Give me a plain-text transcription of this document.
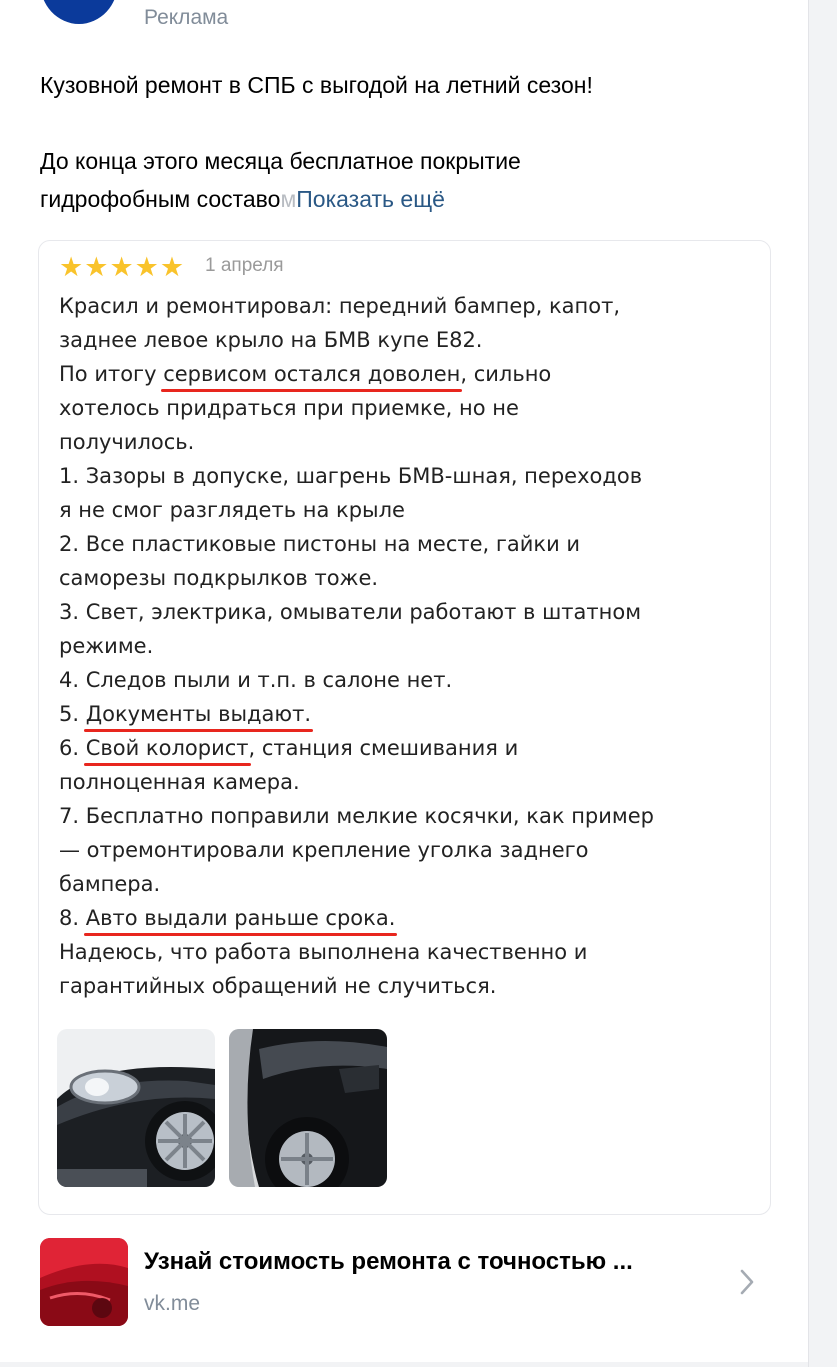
Реклама
Кузовной ремонт в СПБ с выгодой на летний сезон!
До конца этого месяца бесплатное покрытие
гидрофобным составомПоказать ещё
★ ★ ★ ★ ★ 1 апреля
Красил и ремонтировал: передний бампер, капот,
заднее левое крыло на БМВ купе Е82.
По итогу сервисом остался доволен, сильно
хотелось придраться при приемке, но не
получилось.
1. Зазоры в допуске, шагрень БМВ-шная, переходов
я не смог разглядеть на крыле
2. Все пластиковые пистоны на месте, гайки и
саморезы подкрылков тоже.
3. Свет, электрика, омыватели работают в штатном
режиме.
4. Следов пыли и т.п. в салоне нет.
5. Документы выдают.
6. Свой колорист, станция смешивания и
полноценная камера.
7. Бесплатно поправили мелкие косячки, как пример
— отремонтировали крепление уголка заднего
бампера.
8. Авто выдали раньше срока.
Надеюсь, что работа выполнена качественно и
гарантийных обращений не случиться.
Узнай стоимость ремонта с точностью ...
vk.me
